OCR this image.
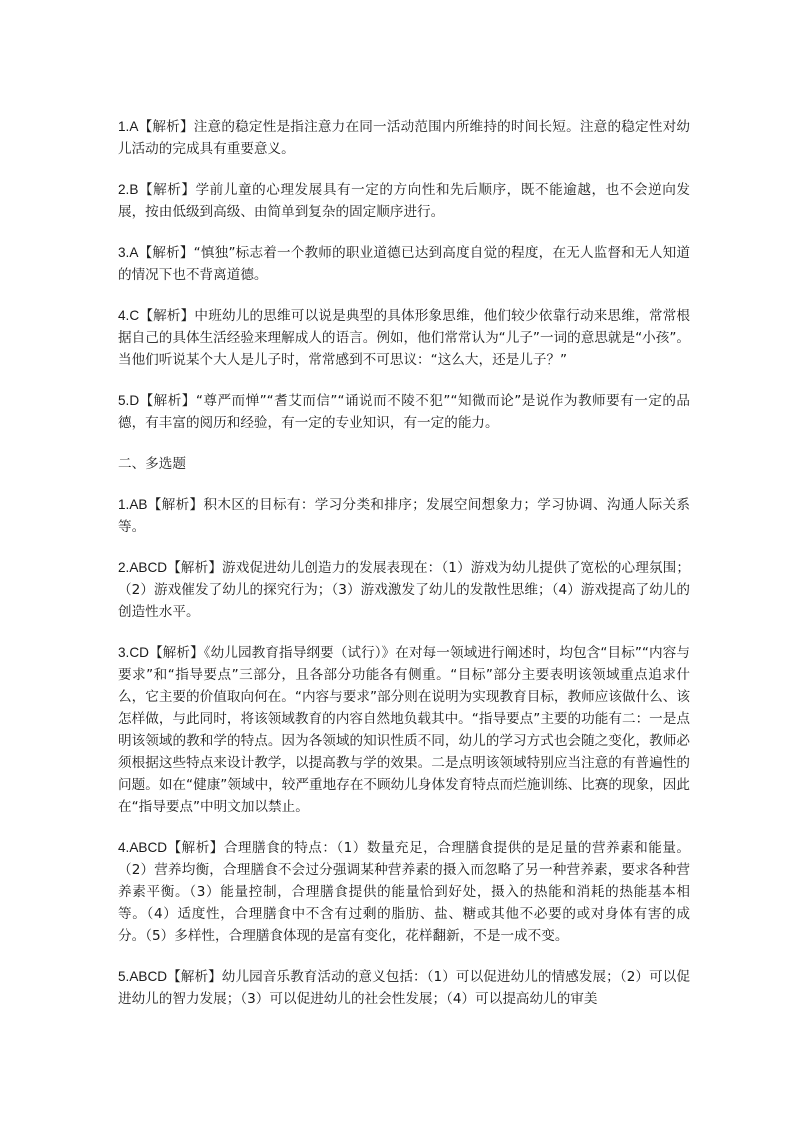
1.A【解析】注意的稳定性是指注意力在同一活动范围内所维持的时间长短。注意的稳定性对幼儿活动的完成具有重要意义。

2.B【解析】学前儿童的心理发展具有一定的方向性和先后顺序，既不能逾越，也不会逆向发展，按由低级到高级、由简单到复杂的固定顺序进行。

3.A【解析】“慎独”标志着一个教师的职业道德已达到高度自觉的程度，在无人监督和无人知道的情况下也不背离道德。

4.C【解析】中班幼儿的思维可以说是典型的具体形象思维，他们较少依靠行动来思维，常常根据自己的具体生活经验来理解成人的语言。例如，他们常常认为“儿子”一词的意思就是“小孩”。当他们听说某个大人是儿子时，常常感到不可思议：“这么大，还是儿子？”

5.D【解析】“尊严而惮”“耆艾而信”“诵说而不陵不犯”“知微而论”是说作为教师要有一定的品德，有丰富的阅历和经验，有一定的专业知识，有一定的能力。

二、多选题

1.AB【解析】积木区的目标有：学习分类和排序；发展空间想象力；学习协调、沟通人际关系等。

2.ABCD【解析】游戏促进幼儿创造力的发展表现在：（1）游戏为幼儿提供了宽松的心理氛围；（2）游戏催发了幼儿的探究行为；（3）游戏激发了幼儿的发散性思维；（4）游戏提高了幼儿的创造性水平。

3.CD【解析】《幼儿园教育指导纲要（试行）》在对每一领域进行阐述时，均包含“目标”“内容与要求”和“指导要点”三部分，且各部分功能各有侧重。“目标”部分主要表明该领域重点追求什么，它主要的价值取向何在。“内容与要求”部分则在说明为实现教育目标，教师应该做什么、该怎样做，与此同时，将该领域教育的内容自然地负载其中。“指导要点”主要的功能有二：一是点明该领域的教和学的特点。因为各领域的知识性质不同，幼儿的学习方式也会随之变化，教师必须根据这些特点来设计教学，以提高教与学的效果。二是点明该领域特别应当注意的有普遍性的问题。如在“健康”领域中，较严重地存在不顾幼儿身体发育特点而烂施训练、比赛的现象，因此在“指导要点”中明文加以禁止。

4.ABCD【解析】合理膳食的特点：（1）数量充足，合理膳食提供的是足量的营养素和能量。（2）营养均衡，合理膳食不会过分强调某种营养素的摄入而忽略了另一种营养素，要求各种营养素平衡。（3）能量控制，合理膳食提供的能量恰到好处，摄入的热能和消耗的热能基本相等。（4）适度性，合理膳食中不含有过剩的脂肪、盐、糖或其他不必要的或对身体有害的成分。（5）多样性，合理膳食体现的是富有变化，花样翻新，不是一成不变。

5.ABCD【解析】幼儿园音乐教育活动的意义包括：（1）可以促进幼儿的情感发展；（2）可以促进幼儿的智力发展；（3）可以促进幼儿的社会性发展；（4）可以提高幼儿的审美
